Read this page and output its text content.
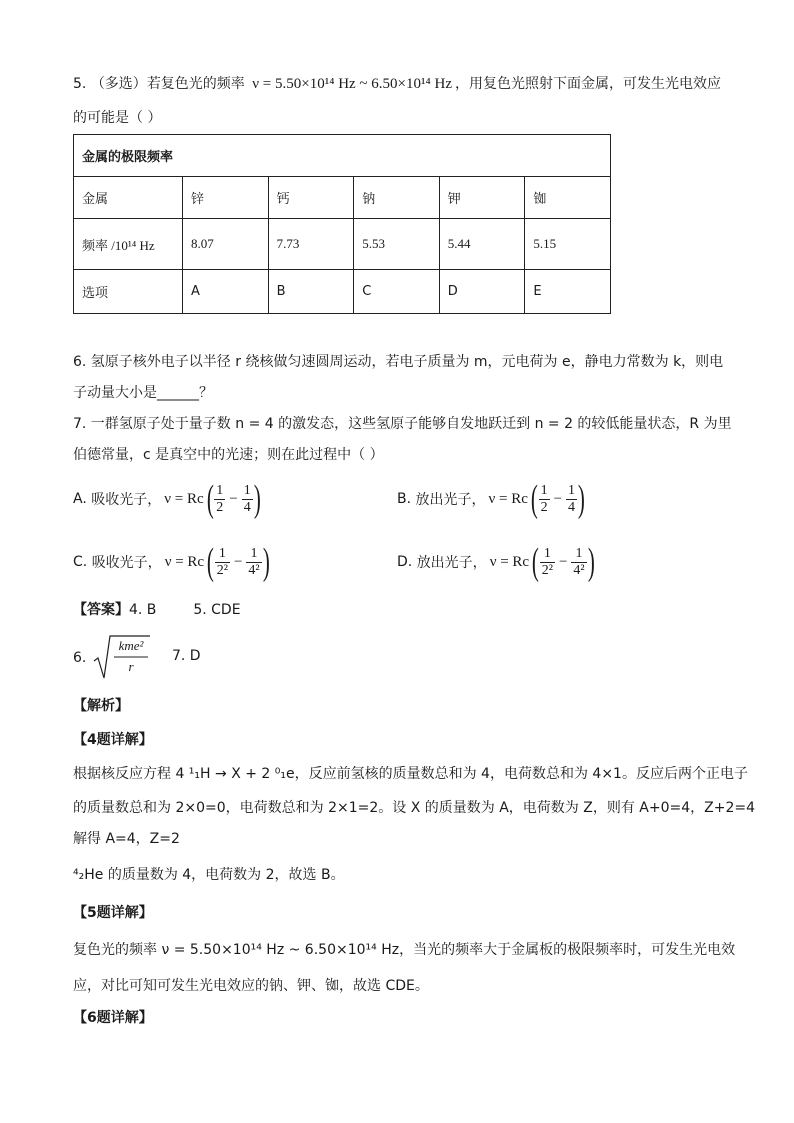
5. （多选）若复色光的频率 ν = 5.50×10¹⁴ Hz ~ 6.50×10¹⁴ Hz ，用复色光照射下面金属，可发生光电效应
的可能是（ ）
金属的极限频率					
金属	锌	钙	钠	钾	铷
频率 /10¹⁴ Hz	8.07	7.73	5.53	5.44	5.15
选项	A	B	C	D	E
6. 氢原子核外电子以半径 r 绕核做匀速圆周运动，若电子质量为 m，元电荷为 e，静电力常数为 k，则电
子动量大小是______？
7. 一群氢原子处于量子数 n = 4 的激发态，这些氢原子能够自发地跃迁到 n = 2 的较低能量状态，R 为里
伯德常量，c 是真空中的光速；则在此过程中（ ）
A.
吸收光子， ν = Rc ( $\frac{1}{2} - \frac{1}{4}$ )	B.
放出光子， ν = Rc ( $\frac{1}{2} - \frac{1}{4}$ )
C.
吸收光子， ν = Rc ( $\frac{1}{\text{2²}} - \frac{1}{\text{4²}}$ )	D.
放出光子， ν = Rc ( $\frac{1}{\text{2²}} - \frac{1}{\text{4²}}$ )
【答案】4. B	5. CDE
6.
kme²
r
7. D
【解析】
【4题详解】
根据核反应方程 4 ¹₁H → X + 2 ⁰₁e，反应前氢核的质量数总和为 4，电荷数总和为 4×1。反应后两个正电子
的质量数总和为 2×0=0，电荷数总和为 2×1=2。设 X 的质量数为 A，电荷数为 Z，则有 A+0=4，Z+2=4
解得 A=4，Z=2
⁴₂He 的质量数为 4，电荷数为 2，故选 B。
【5题详解】
复色光的频率 ν = 5.50×10¹⁴ Hz ~ 6.50×10¹⁴ Hz，当光的频率大于金属板的极限频率时，可发生光电效
应，对比可知可发生光电效应的钠、钾、铷，故选 CDE。
【6题详解】
